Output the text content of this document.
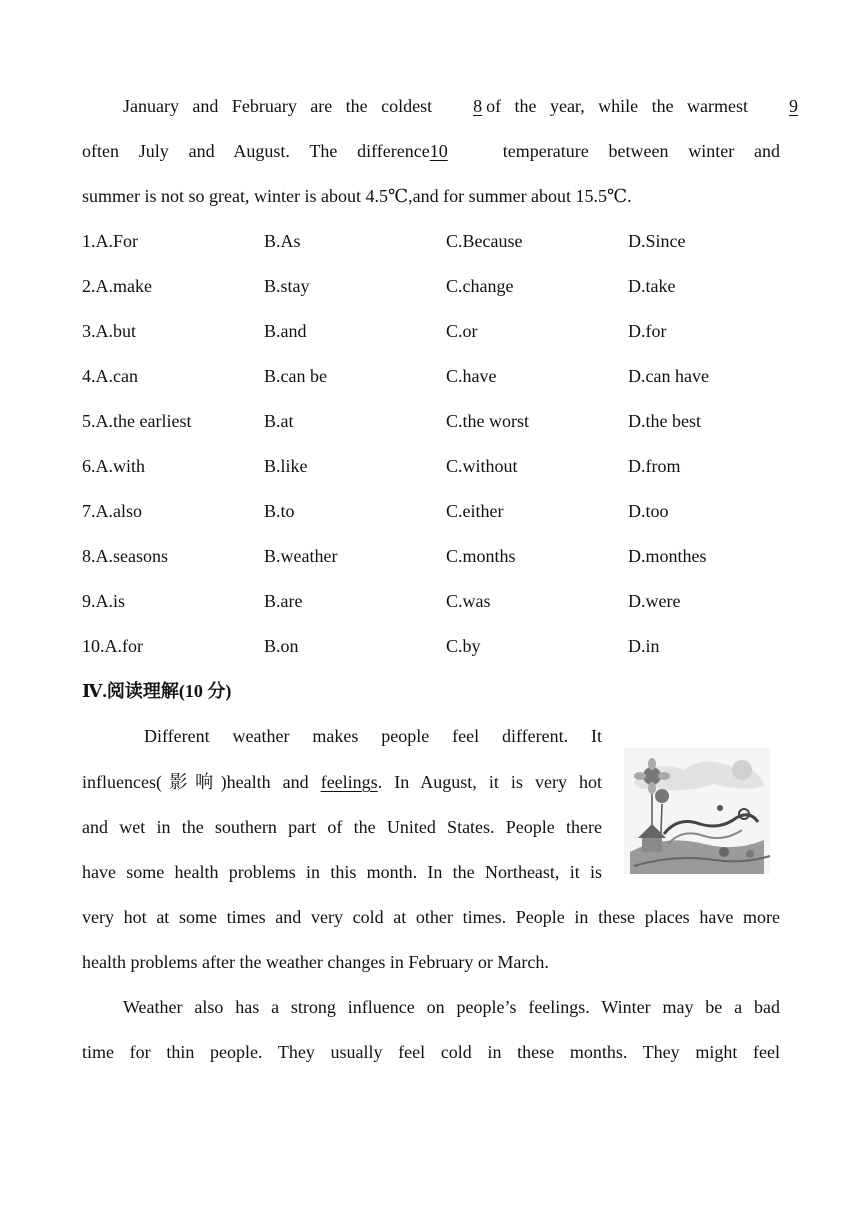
January and February are the coldest 8 of the year, while the warmest 9
often July and August. The difference10	temperature between winter and
summer is not so great, winter is about 4.5℃,and for summer about 15.5℃.
1.A.For	B.As	C.Because	D.Since
2.A.make	B.stay	C.change	D.take
3.A.but	B.and	C.or	D.for
4.A.can	B.can be	C.have	D.can have
5.A.the earliest	B.at	C.the worst	D.the best
6.A.with	B.like	C.without	D.from
7.A.also	B.to	C.either	D.too
8.A.seasons	B.weather	C.months	D.monthes
9.A.is	B.are	C.was	D.were
10.A.for	B.on	C.by	D.in
Ⅳ.阅读理解(10 分)
Different weather makes people feel different. It
influences(影响)health and feelings. In August, it is very hot
and wet in the southern part of the United States. People there
have some health problems in this month. In the Northeast, it is
very hot at some times and very cold at other times. People in these places have more
health problems after the weather changes in February or March.
Weather also has a strong influence on people’s feelings. Winter may be a bad
time for thin people. They usually feel cold in these months. They might feel
